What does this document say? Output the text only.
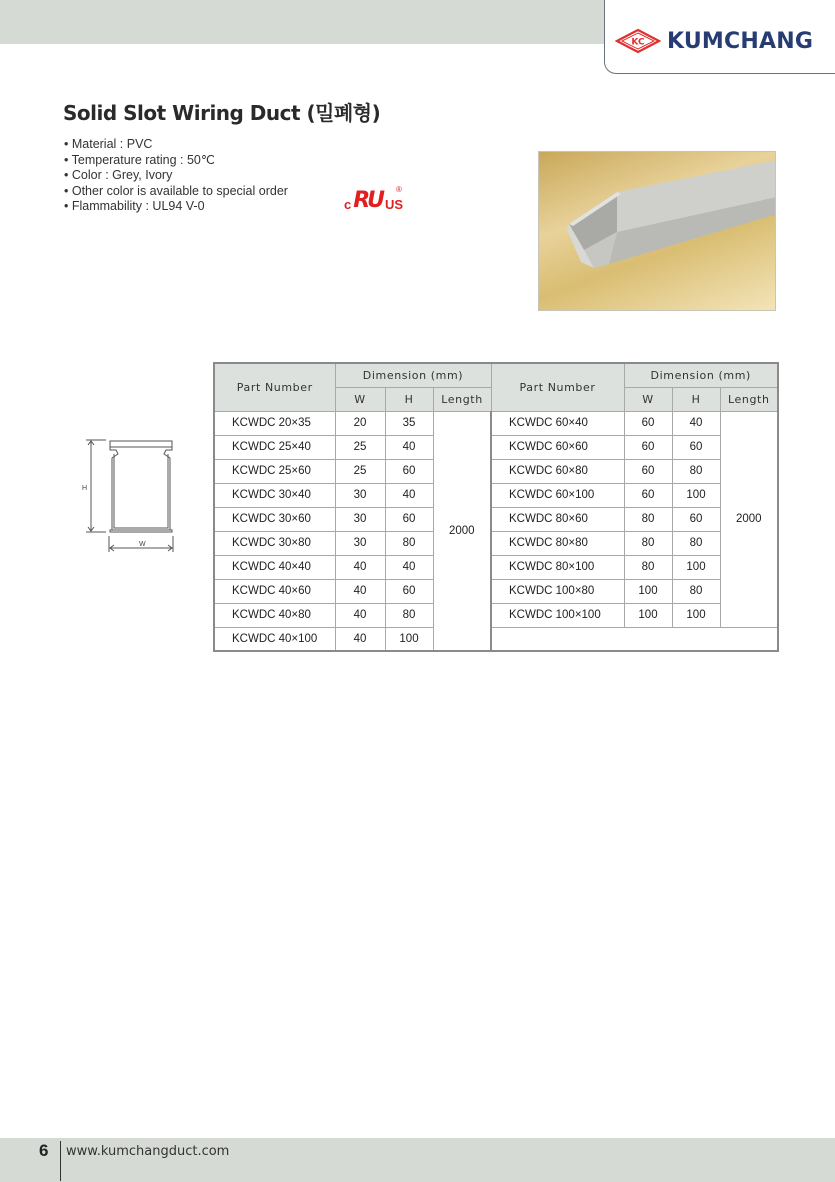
KC KUMCHANG
Solid Slot Wiring Duct (밀폐형)
• Material : PVC
• Temperature rating : 50℃
• Color : Grey, Ivory
• Other color is available to special order
• Flammability : UL94 V-0	c RU US
®
H
W
Part Number	Dimension (mm)			Part Number	Dimension (mm)		
	W	H	Length		W	H	Length
KCWDC 20×35	20	35	2000	KCWDC 60×40	60	40	2000
KCWDC 25×40	25	40		KCWDC 60×60	60	60	
KCWDC 25×60	25	60		KCWDC 60×80	60	80	
KCWDC 30×40	30	40		KCWDC 60×100	60	100	
KCWDC 30×60	30	60		KCWDC 80×60	80	60	
KCWDC 30×80	30	80		KCWDC 80×80	80	80	
KCWDC 40×40	40	40		KCWDC 80×100	80	100	
KCWDC 40×60	40	60		KCWDC 100×80	100	80	
KCWDC 40×80	40	80		KCWDC 100×100	100	100	
KCWDC 40×100	40	100					
6 www.kumchangduct.com
